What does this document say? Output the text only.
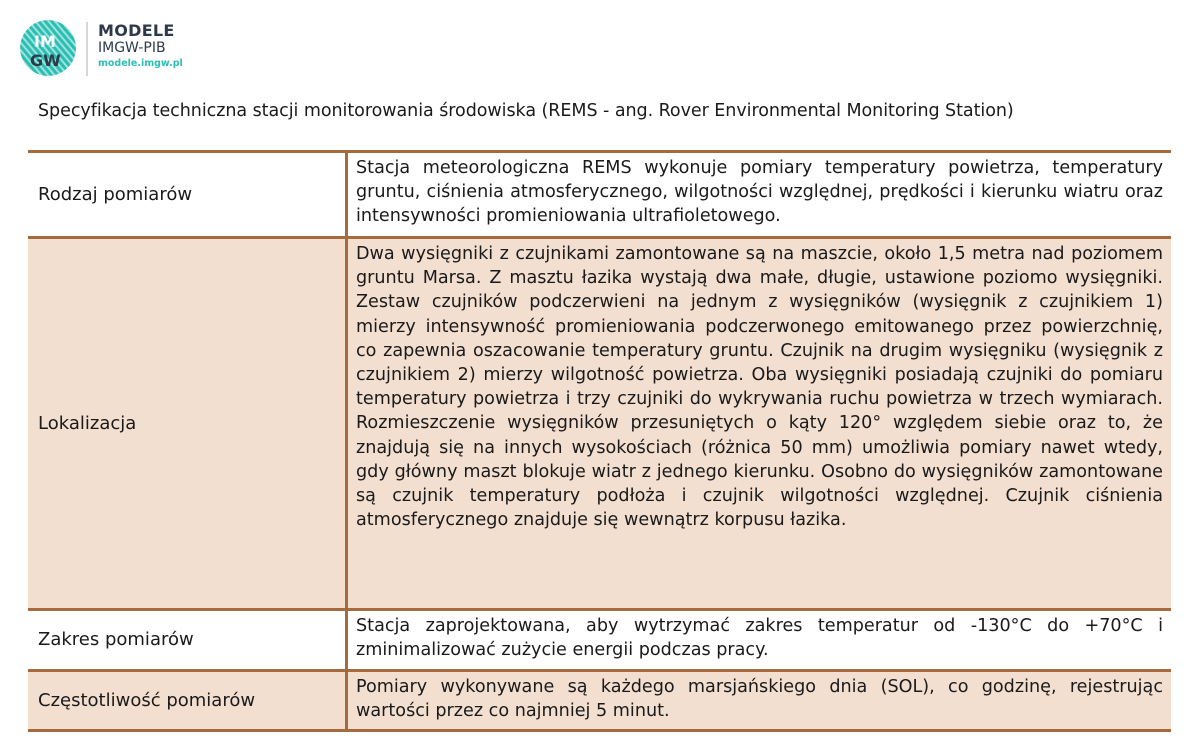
IM
GW
MODELE
IMGW-PIB
modele.imgw.pl
Specyfikacja techniczna stacji monitorowania środowiska (REMS - ang. Rover Environmental Monitoring Station)
Rodzaj pomiarów
Stacja meteorologiczna REMS wykonuje pomiary temperatury powietrza, temperatury gruntu, ciśnienia atmosferycznego, wilgotności względnej, prędkości i kierunku wiatru oraz intensywności promieniowania ultrafioletowego.
Lokalizacja
Dwa wysięgniki z czujnikami zamontowane są na maszcie, około 1,5 metra nad poziomem gruntu Marsa. Z masztu łazika wystają dwa małe, długie, ustawione poziomo wysięgniki. Zestaw czujników podczerwieni na jednym z wysięgników (wysięgnik z czujnikiem 1) mierzy intensywność promieniowania podczerwonego emitowanego przez powierzchnię, co zapewnia oszacowanie temperatury gruntu. Czujnik na drugim wysięgniku (wysięgnik z czujnikiem 2) mierzy wilgotność powietrza. Oba wysięgniki posiadają czujniki do pomiaru temperatury powietrza i trzy czujniki do wykrywania ruchu powietrza w trzech wymiarach. Rozmieszczenie wysięgników przesuniętych o kąty 120° względem siebie oraz to, że znajdują się na innych wysokościach (różnica 50 mm) umożliwia pomiary nawet wtedy, gdy główny maszt blokuje wiatr z jednego kierunku. Osobno do wysięgników zamontowane są czujnik temperatury podłoża i czujnik wilgotności względnej. Czujnik ciśnienia atmosferycznego znajduje się wewnątrz korpusu łazika.
Zakres pomiarów
Stacja zaprojektowana, aby wytrzymać zakres temperatur od -130°C do +70°C i zminimalizować zużycie energii podczas pracy.
Częstotliwość pomiarów
Pomiary wykonywane są każdego marsjańskiego dnia (SOL), co godzinę, rejestrując wartości przez co najmniej 5 minut.
